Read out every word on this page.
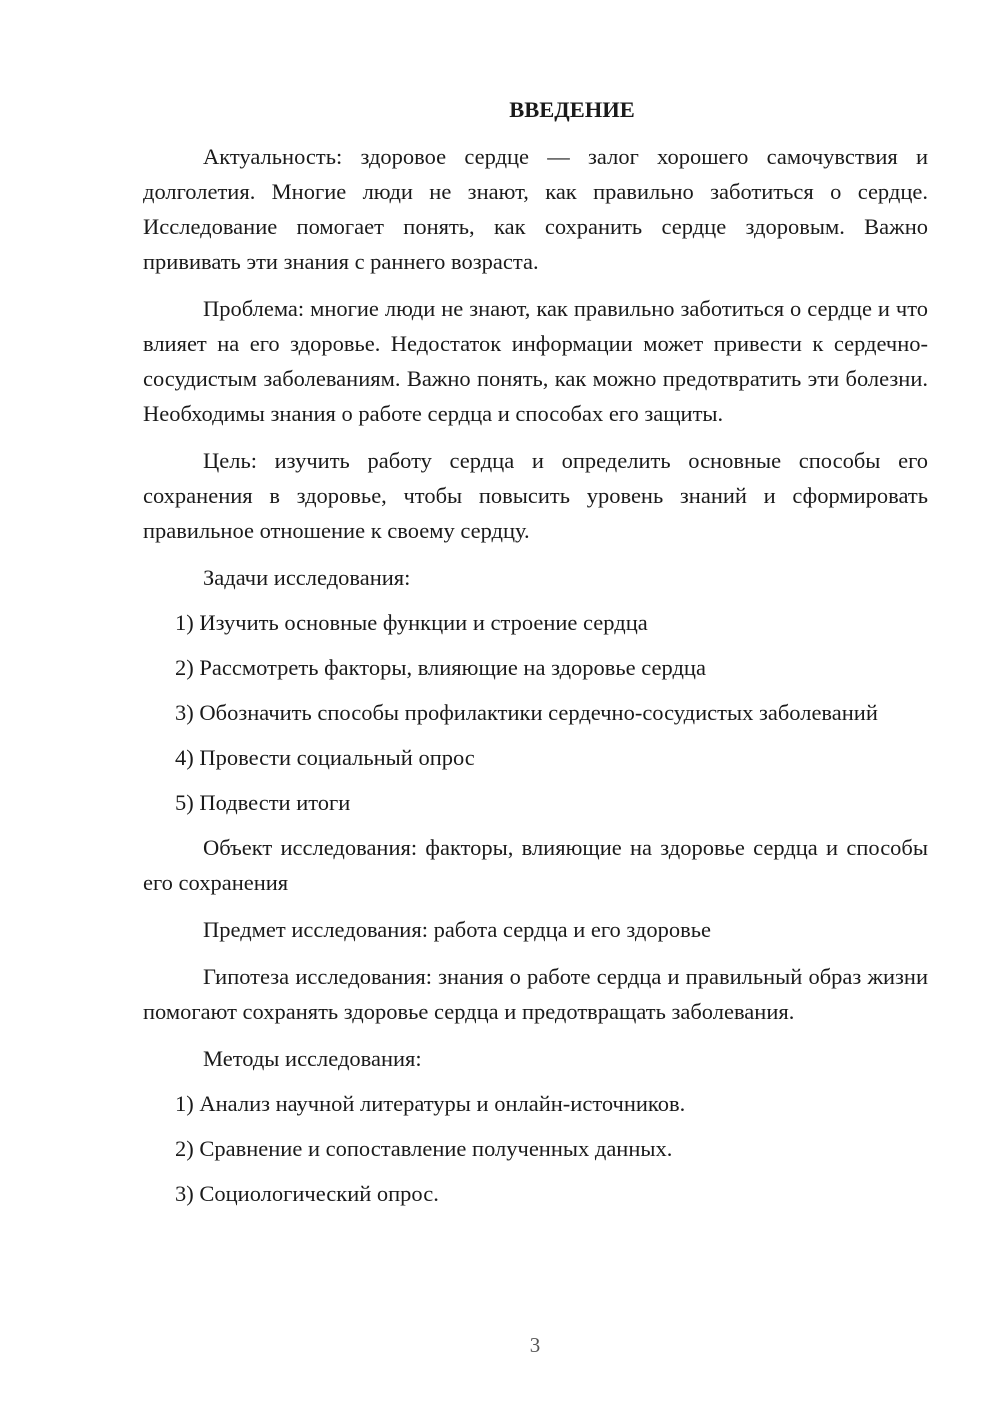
ВВЕДЕНИЕ

Актуальность: здоровое сердце — залог хорошего самочувствия и долголетия. Многие люди не знают, как правильно заботиться о сердце. Исследование помогает понять, как сохранить сердце здоровым. Важно прививать эти знания с раннего возраста.

Проблема: многие люди не знают, как правильно заботиться о сердце и что влияет на его здоровье. Недостаток информации может привести к сердечно-сосудистым заболеваниям. Важно понять, как можно предотвратить эти болезни. Необходимы знания о работе сердца и способах его защиты.

Цель: изучить работу сердца и определить основные способы его сохранения в здоровье, чтобы повысить уровень знаний и сформировать правильное отношение к своему сердцу.

Задачи исследования:

1) Изучить основные функции и строение сердца

2) Рассмотреть факторы, влияющие на здоровье сердца

3) Обозначить способы профилактики сердечно-сосудистых заболеваний

4) Провести социальный опрос

5) Подвести итоги

Объект исследования: факторы, влияющие на здоровье сердца и способы его сохранения

Предмет исследования: работа сердца и его здоровье

Гипотеза исследования: знания о работе сердца и правильный образ жизни помогают сохранять здоровье сердца и предотвращать заболевания.

Методы исследования:

1) Анализ научной литературы и онлайн-источников.

2) Сравнение и сопоставление полученных данных.

3) Социологический опрос.

3
